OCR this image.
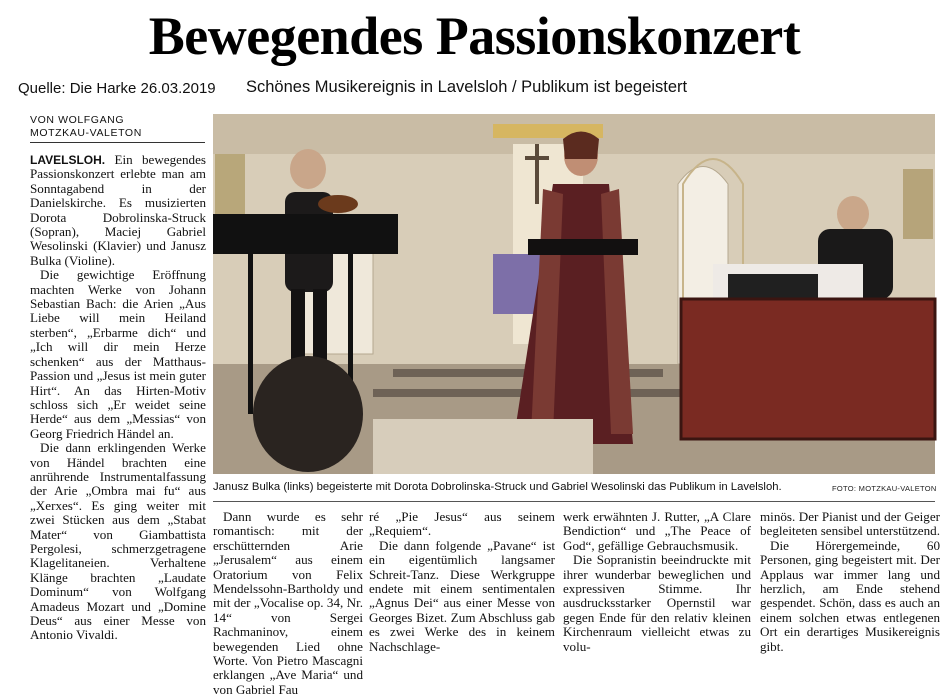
Bewegendes Passionskonzert
Quelle: Die Harke 26.03.2019 Schönes Musikereignis in Lavelsloh / Publikum ist begeistert
VON WOLFGANG
MOTZKAU-VALETON

LAVELSLOH. Ein bewegendes Passionskonzert erlebte man am Sonntagabend in der Danielskirche. Es musizierten Dorota Dobrolinska-Struck (Sopran), Maciej Gabriel Wesolinski (Klavier) und Janusz Bulka (Violine).

Die gewichtige Eröffnung machten Werke von Johann Sebastian Bach: die Arien „Aus Liebe will mein Heiland sterben“, „Erbarme dich“ und „Ich will dir mein Herze schenken“ aus der Matthaus-Passion und „Jesus ist mein guter Hirt“. An das Hirten-Motiv schloss sich „Er weidet seine Herde“ aus dem „Messias“ von Georg Friedrich Händel an.

Die dann erklingenden Werke von Händel brachten eine anrührende Instrumentalfassung der Arie „Ombra mai fu“ aus „Xerxes“. Es ging weiter mit zwei Stücken aus dem „Stabat Mater“ von Giambattista Pergolesi, schmerzgetragene Klagelitaneien. Verhaltene Klänge brachten „Laudate Dominum“ von Wolfgang Amadeus Mozart und „Domine Deus“ aus einer Messe von Antonio Vivaldi.

Janusz Bulka (links) begeisterte mit Dorota Dobrolinska-Struck und Gabriel Wesolinski das Publikum in Lavelsloh.	FOTO: MOTZKAU-VALETON

Dann wurde es sehr romantisch: mit der erschütternden Arie „Jerusalem“ aus einem Oratorium von Felix Mendelssohn-Bartholdy und mit der „Vocalise op. 34, Nr. 14“ von Sergei Rachmaninov, einem bewegenden Lied ohne Worte. Von Pietro Mascagni erklangen „Ave Maria“ und von Gabriel Fau

ré „Pie Jesus“ aus seinem „Requiem“.

Die dann folgende „Pavane“ ist ein eigentümlich langsamer Schreit-Tanz. Diese Werkgruppe endete mit einem sentimentalen „Agnus Dei“ aus einer Messe von Georges Bizet. Zum Abschluss gab es zwei Werke des in keinem Nachschlage-

werk erwähnten J. Rutter, „A Clare Bendiction“ und „The Peace of God“, gefällige Gebrauchsmusik.

Die Sopranistin beeindruckte mit ihrer wunderbar beweglichen und expressiven Stimme. Ihr ausdrucksstarker Opernstil war gegen Ende für den relativ kleinen Kirchenraum vielleicht etwas zu volu-

minös. Der Pianist und der Geiger begleiteten sensibel unterstützend.

Die Hörergemeinde, 60 Personen, ging begeistert mit. Der Applaus war immer lang und herzlich, am Ende stehend gespendet. Schön, dass es auch an einem solchen etwas entlegenen Ort ein derartiges Musikereignis gibt.
